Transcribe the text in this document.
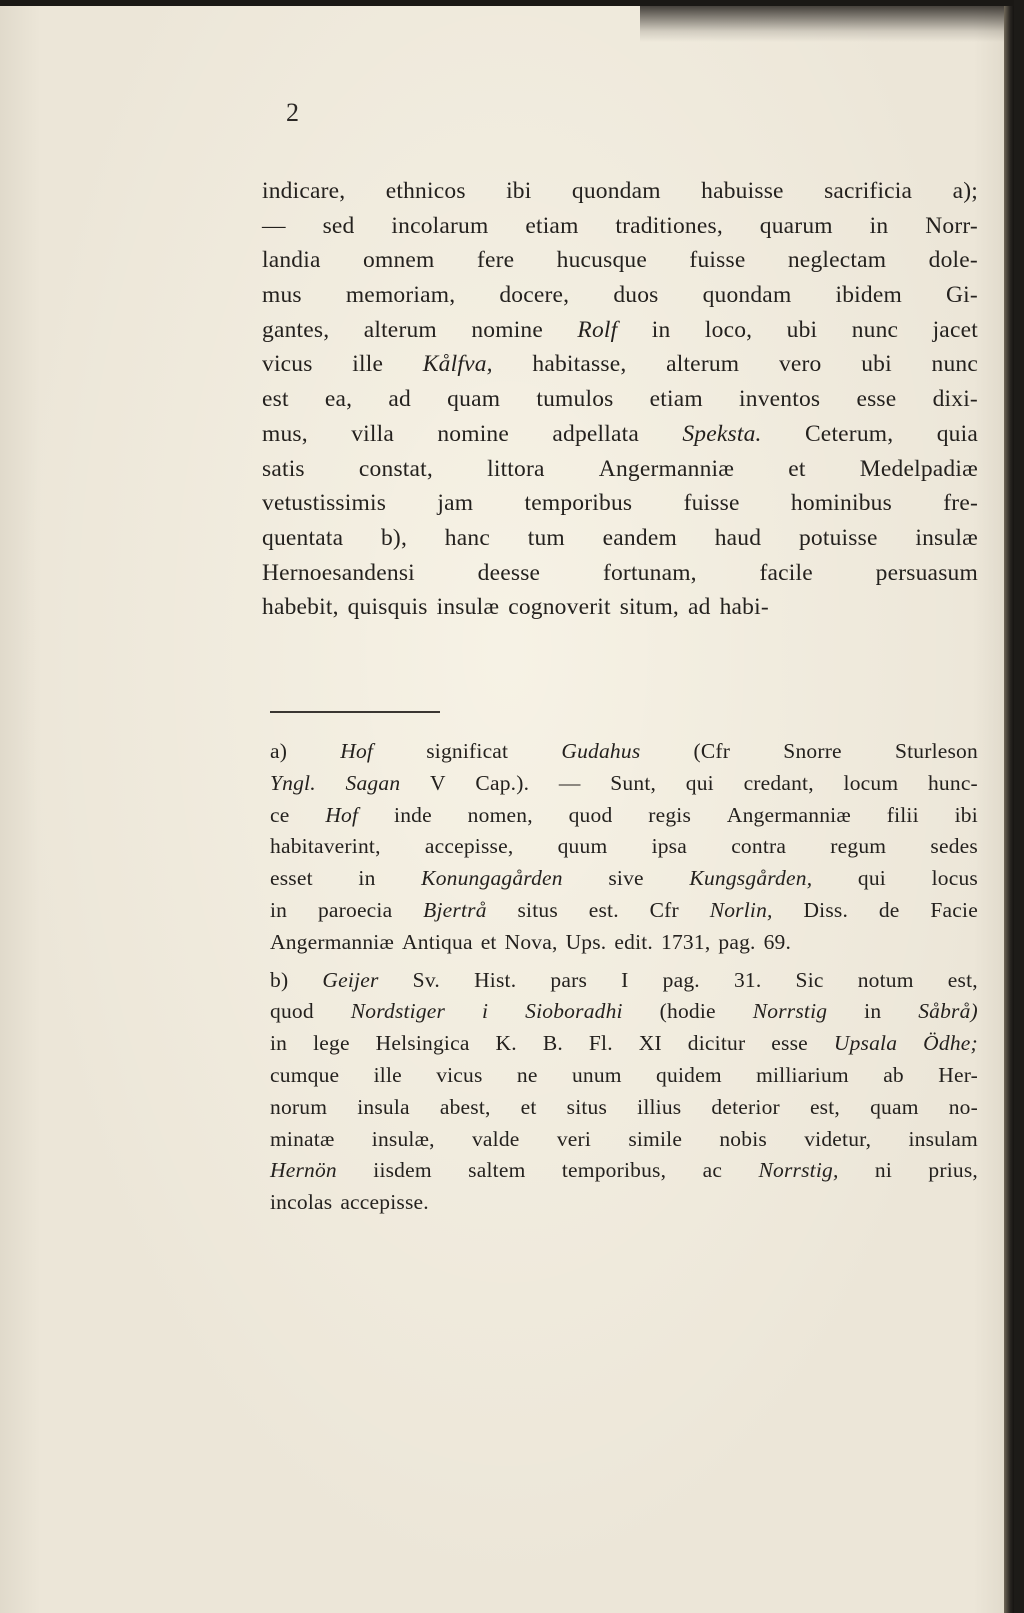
2
indicare, ethnicos ibi quondam habuisse sacrificia a);
— sed incolarum etiam traditiones, quarum in Norr-
landia omnem fere hucusque fuisse neglectam dole-
mus memoriam, docere, duos quondam ibidem Gi-
gantes, alterum nomine Rolf in loco, ubi nunc jacet
vicus ille Kålfva, habitasse, alterum vero ubi nunc
est ea, ad quam tumulos etiam inventos esse dixi-
mus, villa nomine adpellata Speksta. Ceterum, quia
satis constat, littora Angermanniæ et Medelpadiæ
vetustissimis jam temporibus fuisse hominibus fre-
quentata b), hanc tum eandem haud potuisse insulæ
Hernoesandensi	deesse	fortunam,	facile	persuasum
habebit, quisquis insulæ cognoverit situm, ad habi-
a) Hof significat Gudahus (Cfr Snorre Sturleson
Yngl. Sagan V Cap.). — Sunt, qui credant, locum hunc-
ce Hof inde nomen, quod regis Angermanniæ filii ibi
habitaverint, accepisse, quum ipsa contra regum sedes
esset in Konungagården sive Kungsgården, qui locus
in paroecia Bjertrå situs est. Cfr Norlin, Diss. de Facie
Angermanniæ Antiqua et Nova, Ups. edit. 1731, pag. 69.
b) Geijer Sv. Hist. pars I pag. 31. Sic notum est,
quod Nordstiger i Sioboradhi (hodie Norrstig in Såbrå)
in lege Helsingica K. B. Fl. XI dicitur esse Upsala Ödhe;
cumque ille vicus ne unum quidem milliarium ab Her-
norum insula abest, et situs illius deterior est, quam no-
minatæ insulæ, valde veri simile nobis videtur, insulam
Hernön iisdem saltem temporibus, ac Norrstig, ni prius,
incolas accepisse.
